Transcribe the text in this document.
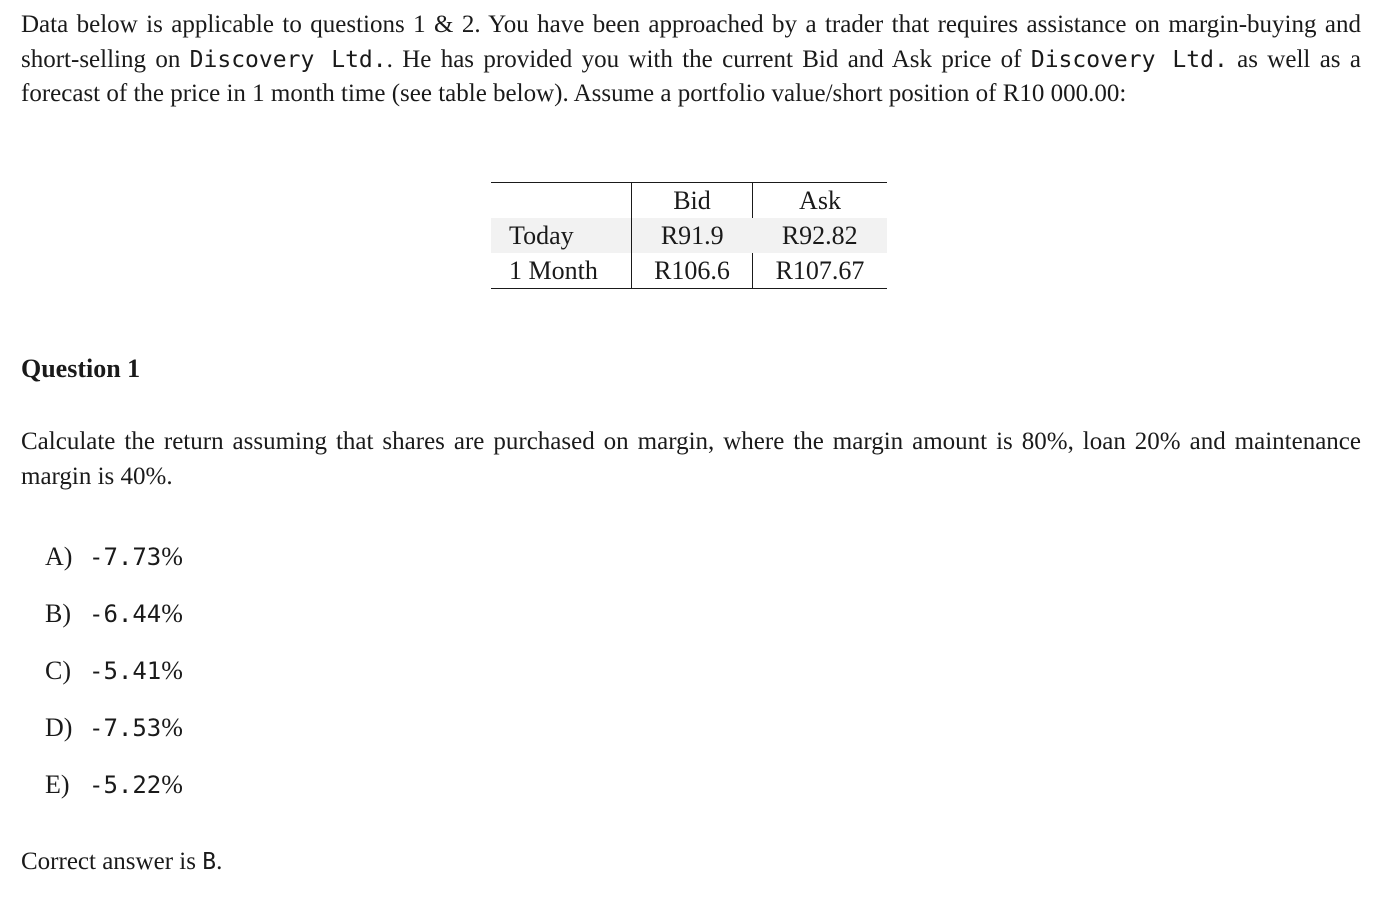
Data below is applicable to questions 1 & 2. You have been approached by a trader that requires assistance on margin-buying and short-selling on Discovery Ltd.. He has provided you with the current Bid and Ask price of Discovery Ltd. as well as a forecast of the price in 1 month time (see table below). Assume a portfolio value/short position of R10 000.00:
	Bid	Ask
Today	R91.9	R92.82
1 Month	R106.6	R107.67
Question 1
Calculate the return assuming that shares are purchased on margin, where the margin amount is 80%, loan 20% and maintenance margin is 40%.
A) -7.73%
B) -6.44%
C) -5.41%
D) -7.53%
E) -5.22%
Correct answer is B.
